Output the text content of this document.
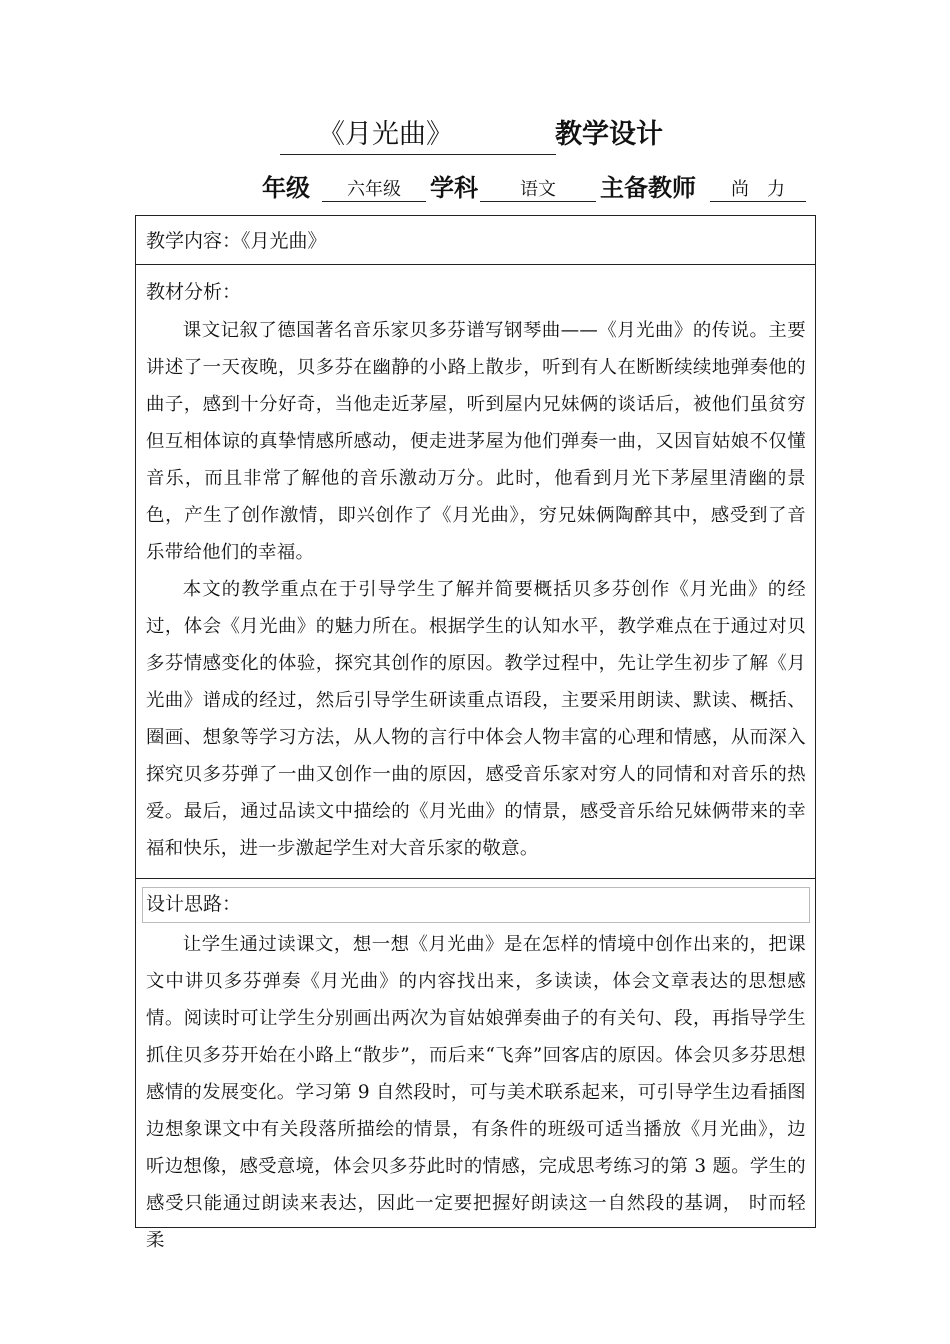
《月光曲》	教学设计
年级	六年级	学科	语文	主备教师	尚　力
教学内容：《月光曲》
教材分析：

课文记叙了德国著名音乐家贝多芬谱写钢琴曲——《月光曲》的传说。主要讲述了一天夜晚，贝多芬在幽静的小路上散步，听到有人在断断续续地弹奏他的曲子，感到十分好奇，当他走近茅屋，听到屋内兄妹俩的谈话后，被他们虽贫穷但互相体谅的真挚情感所感动，便走进茅屋为他们弹奏一曲，又因盲姑娘不仅懂音乐，而且非常了解他的音乐激动万分。此时，他看到月光下茅屋里清幽的景色，产生了创作激情，即兴创作了《月光曲》，穷兄妹俩陶醉其中，感受到了音乐带给他们的幸福。

本文的教学重点在于引导学生了解并简要概括贝多芬创作《月光曲》的经过，体会《月光曲》的魅力所在。根据学生的认知水平，教学难点在于通过对贝多芬情感变化的体验，探究其创作的原因。教学过程中，先让学生初步了解《月光曲》谱成的经过，然后引导学生研读重点语段，主要采用朗读、默读、概括、圈画、想象等学习方法，从人物的言行中体会人物丰富的心理和情感，从而深入探究贝多芬弹了一曲又创作一曲的原因，感受音乐家对穷人的同情和对音乐的热爱。最后，通过品读文中描绘的《月光曲》的情景，感受音乐给兄妹俩带来的幸福和快乐，进一步激起学生对大音乐家的敬意。

设计思路：

让学生通过读课文，想一想《月光曲》是在怎样的情境中创作出来的，把课文中讲贝多芬弹奏《月光曲》的内容找出来，多读读，体会文章表达的思想感情。阅读时可让学生分别画出两次为盲姑娘弹奏曲子的有关句、段，再指导学生抓住贝多芬开始在小路上“散步”，而后来“飞奔”回客店的原因。体会贝多芬思想感情的发展变化。学习第 9 自然段时，可与美术联系起来，可引导学生边看插图边想象课文中有关段落所描绘的情景，有条件的班级可适当播放《月光曲》，边听边想像，感受意境，体会贝多芬此时的情感，完成思考练习的第 3 题。学生的感受只能通过朗读来表达，因此一定要把握好朗读这一自然段的基调， 时而轻柔
